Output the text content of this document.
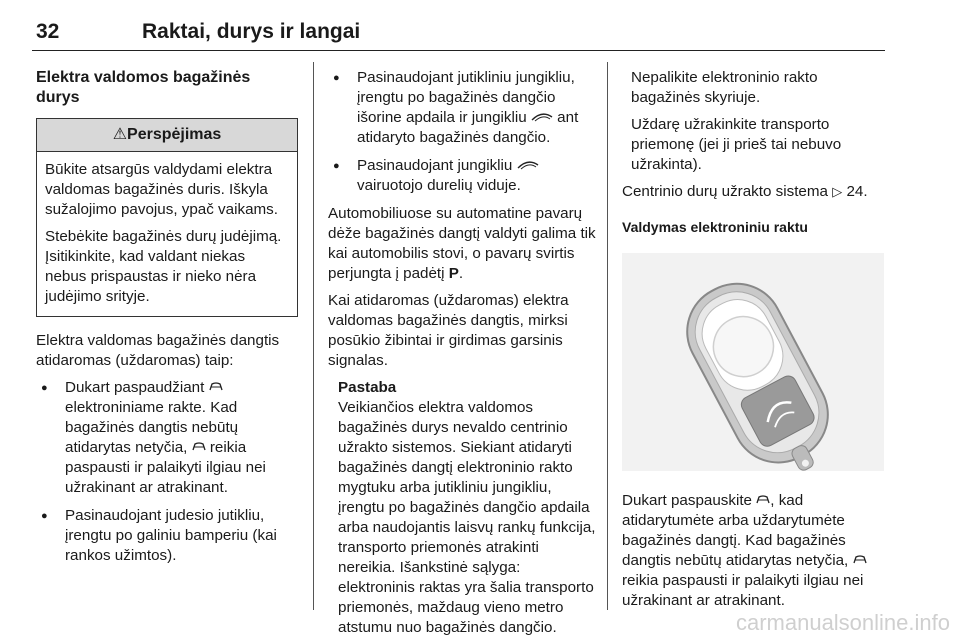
32	Raktai, durys ir langai
Elektra valdomos bagažinės durys
⚠Perspėjimas

Būkite atsargūs valdydami elektra valdomas bagažinės duris. Iškyla sužalojimo pavojus, ypač vaikams.

Stebėkite bagažinės durų judėjimą. Įsitikinkite, kad valdant niekas nebus prispaustas ir nieko nėra judėjimo srityje.

Elektra valdomas bagažinės dangtis atidaromas (uždaromas) taip:

● Dukart paspaudžiant  elektroniniame rakte. Kad bagažinės dangtis nebūtų atidarytas netyčia, reikia paspausti ir palaikyti ilgiau nei užrakinant ar atrakinant.
● Pasinaudojant judesio jutikliu, įrengtu po galiniu bamperiu (kai rankos užimtos).
● Pasinaudojant jutikliniu jungikliu, įrengtu po bagažinės dangčio išorine apdaila ir jungikliu ant atidaryto bagažinės dangčio.
● Pasinaudojant jungikliu  vairuotojo durelių viduje.

Automobiliuose su automatine pavarų dėže bagažinės dangtį valdyti galima tik kai automobilis stovi, o pavarų svirtis perjungta į padėtį P.

Kai atidaromas (uždaromas) elektra valdomas bagažinės dangtis, mirksi posūkio žibintai ir girdimas garsinis signalas.

Pastaba
Veikiančios elektra valdomos bagažinės durys nevaldo centrinio užrakto sistemos. Siekiant atidaryti bagažinės dangtį elektroninio rakto mygtuku arba jutikliniu jungikliu, įrengtu po bagažinės dangčio apdaila arba naudojantis laisvų rankų funkcija, transporto priemonės atrakinti nereikia. Išankstinė sąlyga: elektroninis raktas yra šalia transporto priemonės, maždaug vieno metro atstumu nuo bagažinės dangčio.

Nepalikite elektroninio rakto bagažinės skyriuje.

Uždarę užrakinkite transporto priemonę (jei ji prieš tai nebuvo užrakinta).

Centrinio durų užrakto sistema ▷ 24.

Valdymas elektroniniu raktu

Dukart paspauskite , kad atidarytumėte arba uždarytumėte bagažinės dangtį. Kad bagažinės dangtis nebūtų atidarytas netyčia,  reikia paspausti ir palaikyti ilgiau nei užrakinant ar atrakinant.

carmanualsonline.info
